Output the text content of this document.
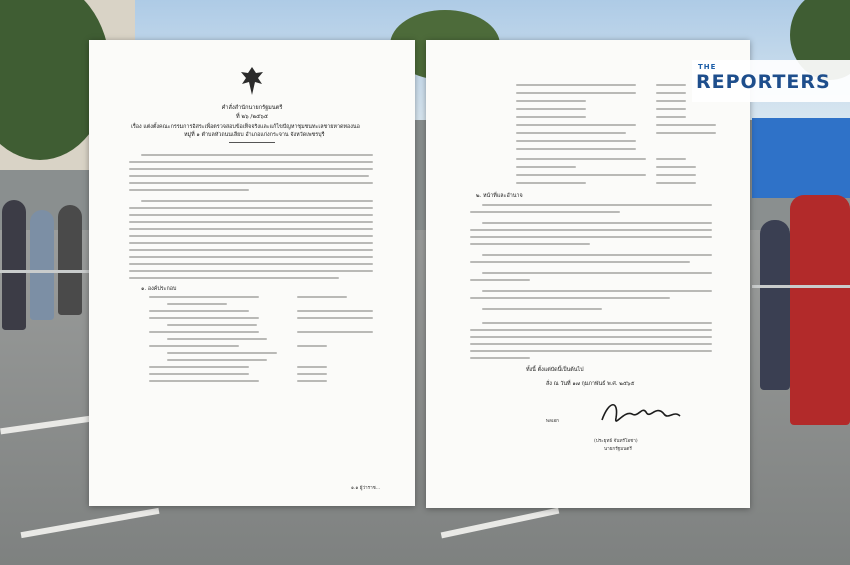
คำสั่งสำนักนายกรัฐมนตรี
ที่ ๒๖ /๒๕๖๕
เรื่อง แต่งตั้งคณะกรรมการอิสระเพื่อตรวจสอบข้อเท็จจริงและแก้ไขปัญหาชุมชนทะเลชายหาดทองนอ
หมู่ที่ ๑ ตำบลหัวถนนเลียบ อำเภอแก่งกระจาน จังหวัดเพชรบุรี
๑. องค์ประกอบ
๑.๑ ผู้ว่าราช...
๒. หน้าที่และอำนาจ
ทั้งนี้ ตั้งแต่บัดนี้เป็นต้นไป
สั่ง ณ วันที่ ๑๗ กุมภาพันธ์ พ.ศ. ๒๕๖๕
พลเอก
(ประยุทธ์ จันทร์โอชา)
นายกรัฐมนตรี
THE
REPORTERS
